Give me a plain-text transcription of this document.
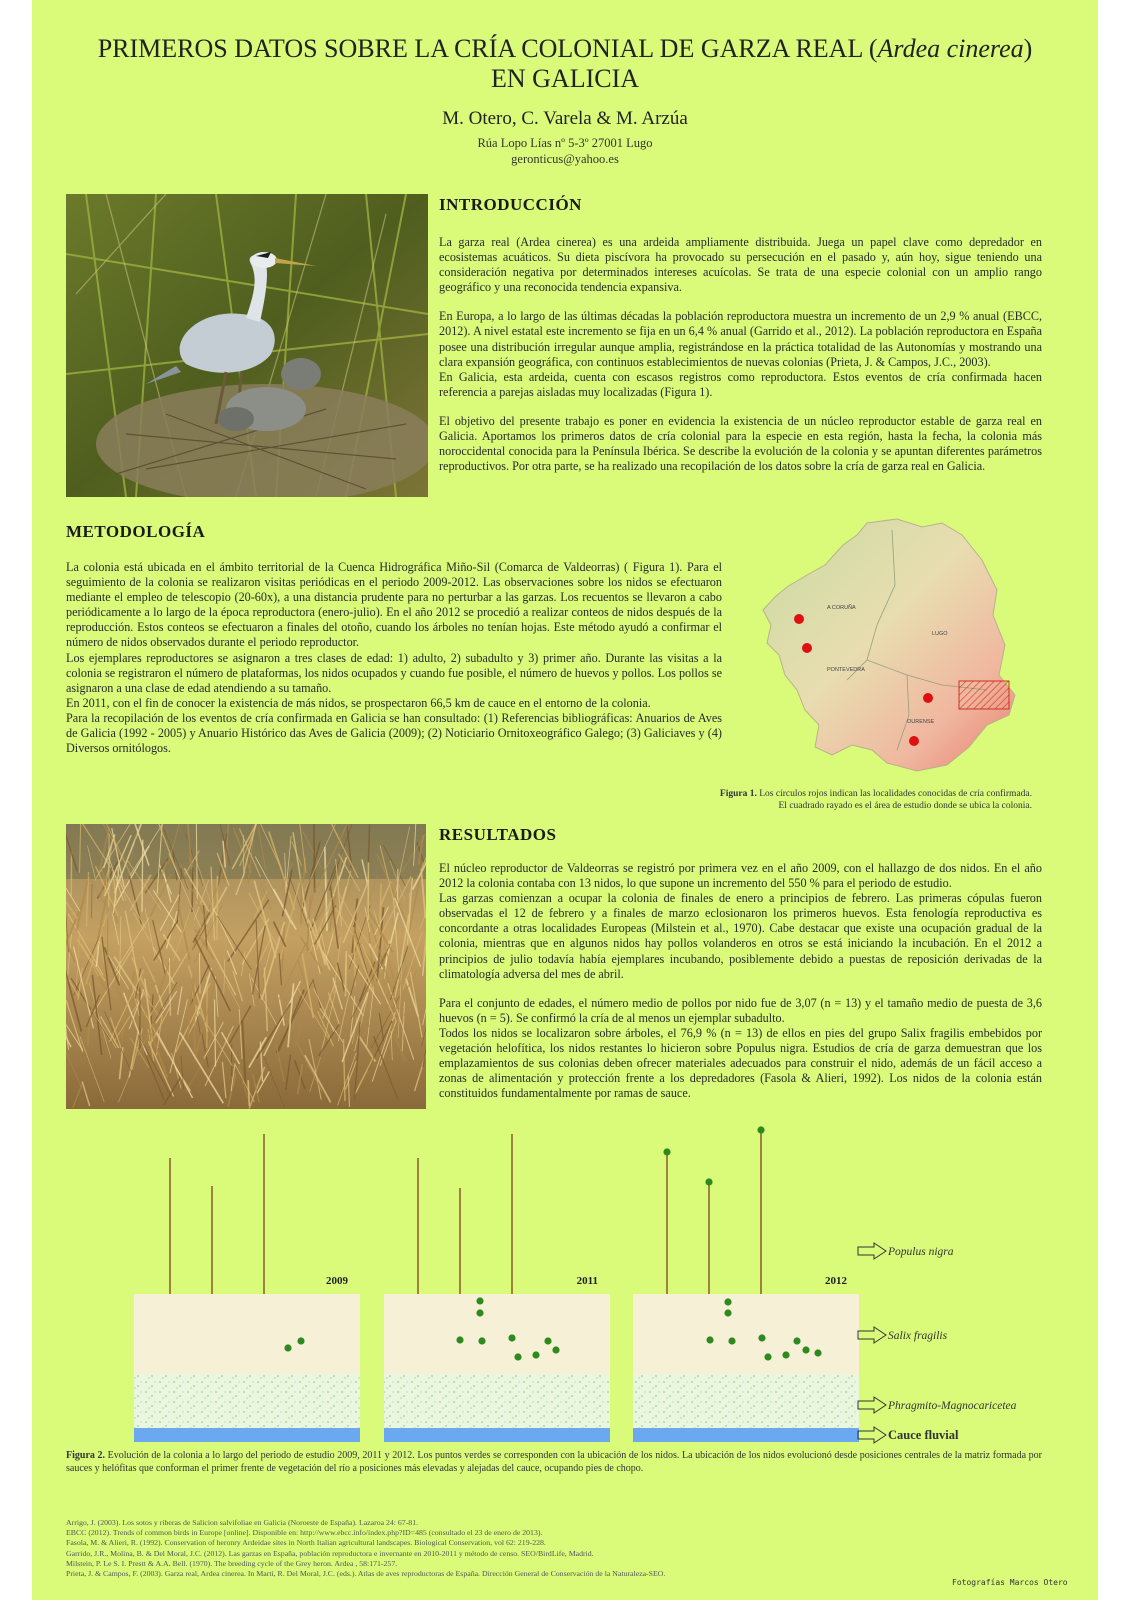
PRIMEROS DATOS SOBRE LA CRÍA COLONIAL DE GARZA REAL (Ardea cinerea)
EN GALICIA
M. Otero, C. Varela & M. Arzúa
Rúa Lopo Lías nº 5-3º 27001 Lugo
geronticus@yahoo.es
INTRODUCCIÓN

La garza real (Ardea cinerea) es una ardeida ampliamente distribuida. Juega un papel clave como depredador en ecosistemas acuáticos. Su dieta piscívora ha provocado su persecución en el pasado y, aún hoy, sigue teniendo una consideración negativa por determinados intereses acuícolas. Se trata de una especie colonial con un amplio rango geográfico y una reconocida tendencia expansiva.

En Europa, a lo largo de las últimas décadas la población reproductora muestra un incremento de un 2,9 % anual (EBCC, 2012). A nivel estatal este incremento se fija en un 6,4 % anual (Garrido et al., 2012). La población reproductora en España posee una distribución irregular aunque amplia, registrándose en la práctica totalidad de las Autonomías y mostrando una clara expansión geográfica, con continuos establecimientos de nuevas colonias (Prieta, J. & Campos, J.C., 2003).

En Galicia, esta ardeida, cuenta con escasos registros como reproductora. Estos eventos de cría confirmada hacen referencia a parejas aisladas muy localizadas (Figura 1).

El objetivo del presente trabajo es poner en evidencia la existencia de un núcleo reproductor estable de garza real en Galicia. Aportamos los primeros datos de cría colonial para la especie en esta región, hasta la fecha, la colonia más noroccidental conocida para la Península Ibérica. Se describe la evolución de la colonia y se apuntan diferentes parámetros reproductivos. Por otra parte, se ha realizado una recopilación de los datos sobre la cría de garza real en Galicia.

METODOLOGÍA

La colonia está ubicada en el ámbito territorial de la Cuenca Hidrográfica Miño-Sil (Comarca de Valdeorras) ( Figura 1). Para el seguimiento de la colonia se realizaron visitas periódicas en el periodo 2009-2012. Las observaciones sobre los nidos se efectuaron mediante el empleo de telescopio (20-60x), a una distancia prudente para no perturbar a las garzas. Los recuentos se llevaron a cabo periódicamente a lo largo de la época reproductora (enero-julio). En el año 2012 se procedió a realizar conteos de nidos después de la reproducción. Estos conteos se efectuaron a finales del otoño, cuando los árboles no tenían hojas. Este método ayudó a confirmar el número de nidos observados durante el periodo reproductor.

Los ejemplares reproductores se asignaron a tres clases de edad: 1) adulto, 2) subadulto y 3) primer año. Durante las visitas a la colonia se registraron el número de plataformas, los nidos ocupados y cuando fue posible, el número de huevos y pollos. Los pollos se asignaron a una clase de edad atendiendo a su tamaño.

En 2011, con el fin de conocer la existencia de más nidos, se prospectaron 66,5 km de cauce en el entorno de la colonia.

Para la recopilación de los eventos de cría confirmada en Galicia se han consultado: (1) Referencias bibliográficas: Anuarios de Aves de Galicia (1992 - 2005) y Anuario Histórico das Aves de Galicia (2009); (2) Noticiario Ornitoxeográfico Galego; (3) Galiciaves y (4) Diversos ornitólogos.

A CORUÑA
LUGO
PONTEVEDRA
OURENSE
Figura 1. Los círculos rojos indican las localidades conocidas de cría confirmada.
El cuadrado rayado es el área de estudio donde se ubica la colonia.
RESULTADOS

El núcleo reproductor de Valdeorras se registró por primera vez en el año 2009, con el hallazgo de dos nidos. En el año 2012 la colonia contaba con 13 nidos, lo que supone un incremento del 550 % para el periodo de estudio.

Las garzas comienzan a ocupar la colonia de finales de enero a principios de febrero. Las primeras cópulas fueron observadas el 12 de febrero y a finales de marzo eclosionaron los primeros huevos. Esta fenología reproductiva es concordante a otras localidades Europeas (Milstein et al., 1970). Cabe destacar que existe una ocupación gradual de la colonia, mientras que en algunos nidos hay pollos volanderos en otros se está iniciando la incubación. En el 2012 a principios de julio todavía había ejemplares incubando, posiblemente debido a puestas de reposición derivadas de la climatología adversa del mes de abril.

Para el conjunto de edades, el número medio de pollos por nido fue de 3,07 (n = 13) y el tamaño medio de puesta de 3,6 huevos (n = 5). Se confirmó la cría de al menos un ejemplar subadulto.

Todos los nidos se localizaron sobre árboles, el 76,9 % (n = 13) de ellos en pies del grupo Salix fragilis embebidos por vegetación helofítica, los nidos restantes lo hicieron sobre Populus nigra. Estudios de cría de garza demuestran que los emplazamientos de sus colonias deben ofrecer materiales adecuados para construir el nido, además de un fácil acceso a zonas de alimentación y protección frente a los depredadores (Fasola & Alieri, 1992). Los nidos de la colonia están constituidos fundamentalmente por ramas de sauce.

2009	2011	2012
Populus nigra
Salix fragilis
Phragmito-Magnocaricetea
Cauce fluvial
Figura 2. Evolución de la colonia a lo largo del periodo de estudio 2009, 2011 y 2012. Los puntos verdes se corresponden con la ubicación de los nidos. La ubicación de los nidos evolucionó desde posiciones centrales de la matriz formada por sauces y helófitas que conforman el primer frente de vegetación del río a posiciones más elevadas y alejadas del cauce, ocupando pies de chopo.
Arrigo, J. (2003). Los sotos y riberas de Salicion salvifoliae en Galicia (Noroeste de España). Lazaroa 24: 67-81.
EBCC (2012). Trends of common birds in Europe [online]. Disponible en: http://www.ebcc.info/index.php?ID=485 (consultado el 23 de enero de 2013).
Fasola, M. & Alieri, R. (1992). Conservation of heronry Ardeidae sites in North Italian agricultural landscapes. Biological Conservation, vol 62: 219-228.
Garrido, J.R., Molina, B. & Del Moral, J.C. (2012). Las garzas en España, población reproductora e invernante en 2010-2011 y método de censo. SEO/BirdLife, Madrid.
Milstein, P. Le S. I. Prestt & A.A. Bell. (1970). The breeding cycle of the Grey heron. Ardea , 58:171-257.
Prieta, J. & Campos, F. (2003). Garza real, Ardea cinerea. In Martí, R. Del Moral, J.C. (eds.). Atlas de aves reproductoras de España. Dirección General de Conservación de la Naturaleza-SEO.
Fotografías Marcos Otero
